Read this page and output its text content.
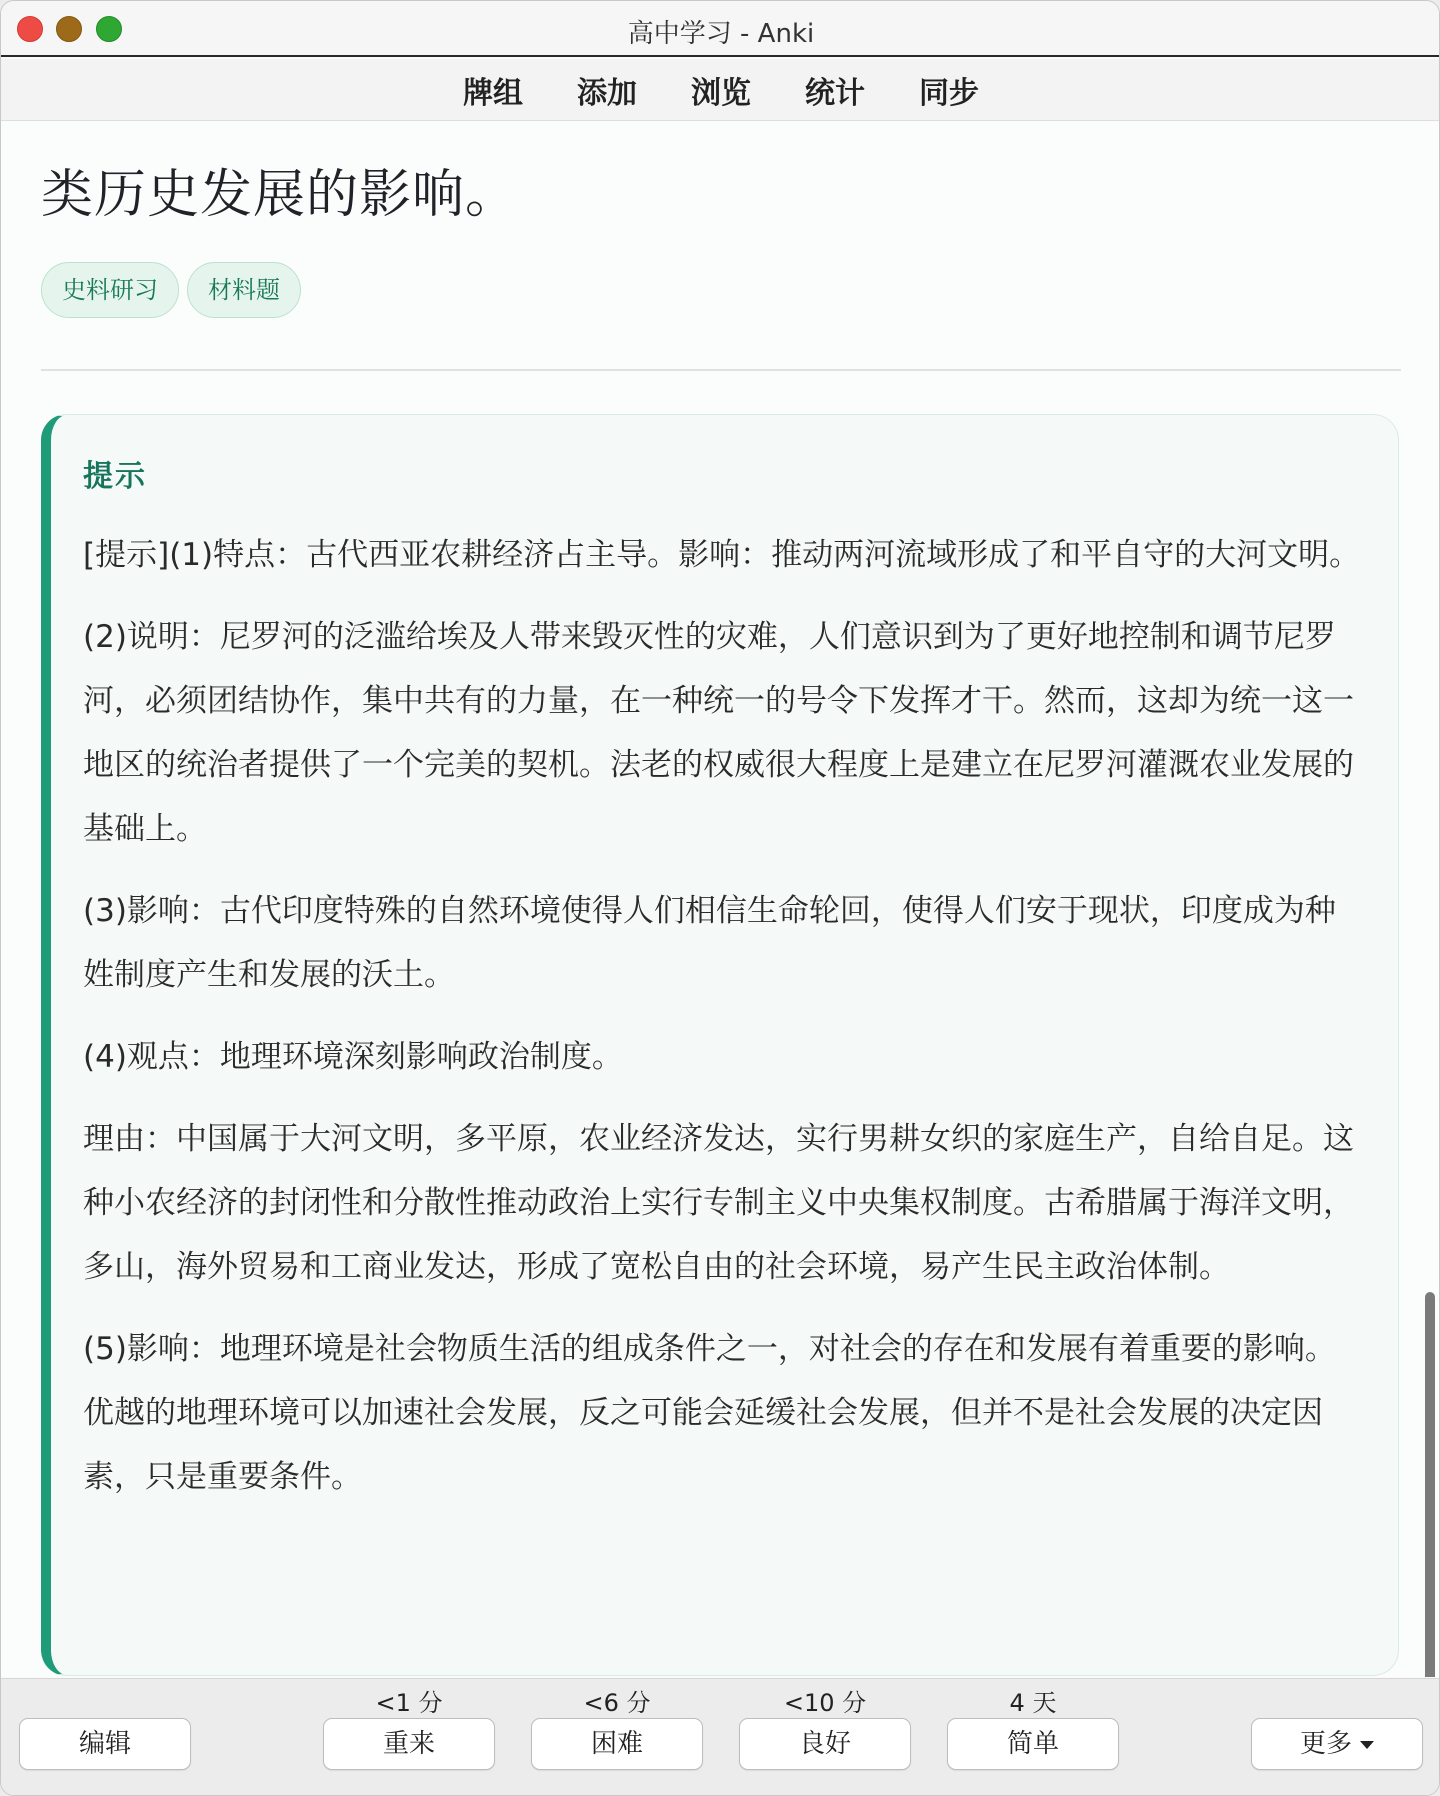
高中学习 - Anki
牌组 添加 浏览 统计 同步
类历史发展的影响。
史料研习 材料题
提示

[提示](1)特点：古代西亚农耕经济占主导。影响：推动两河流域形成了和平自守的大河文明。

(2)说明：尼罗河的泛滥给埃及人带来毁灭性的灾难，人们意识到为了更好地控制和调节尼罗河，必须团结协作，集中共有的力量，在一种统一的号令下发挥才干。然而，这却为统一这一地区的统治者提供了一个完美的契机。法老的权威很大程度上是建立在尼罗河灌溉农业发展的基础上。

(3)影响：古代印度特殊的自然环境使得人们相信生命轮回，使得人们安于现状，印度成为种姓制度产生和发展的沃土。

(4)观点：地理环境深刻影响政治制度。

理由：中国属于大河文明，多平原，农业经济发达，实行男耕女织的家庭生产，自给自足。这种小农经济的封闭性和分散性推动政治上实行专制主义中央集权制度。古希腊属于海洋文明，多山，海外贸易和工商业发达，形成了宽松自由的社会环境，易产生民主政治体制。

(5)影响：地理环境是社会物质生活的组成条件之一，对社会的存在和发展有着重要的影响。优越的地理环境可以加速社会发展，反之可能会延缓社会发展，但并不是社会发展的决定因素，只是重要条件。

编辑
<1 分
重来
<6 分
困难
<10 分
良好
4 天
简单	更多
